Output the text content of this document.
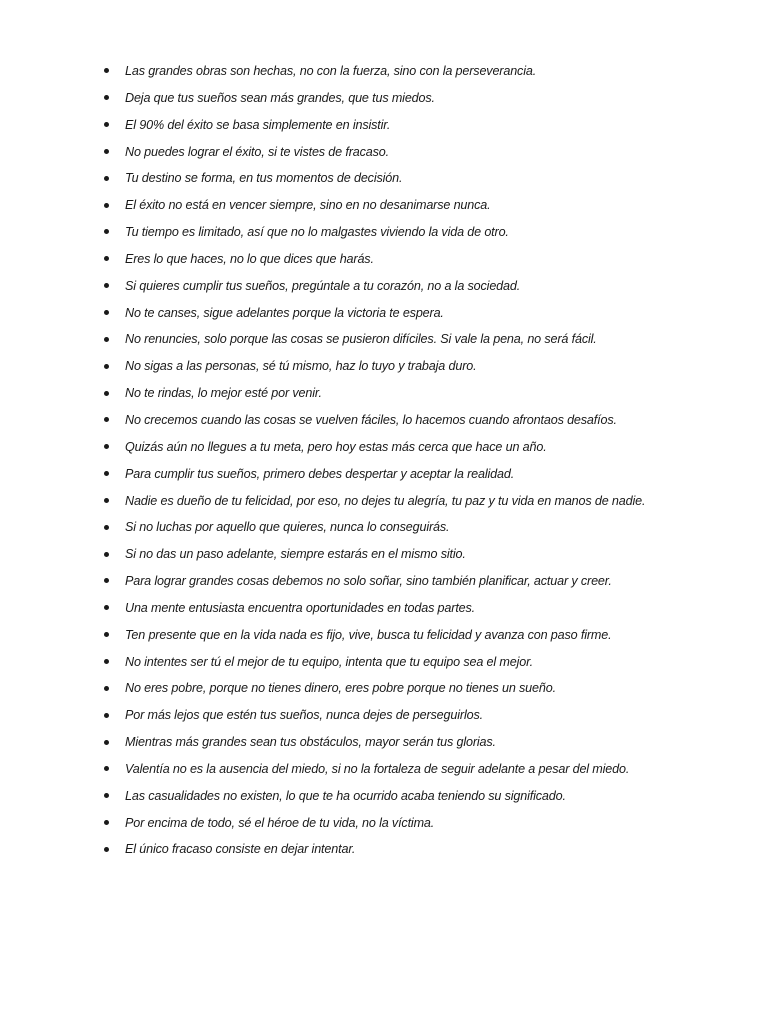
Las grandes obras son hechas, no con la fuerza, sino con la perseverancia.
Deja que tus sueños sean más grandes, que tus miedos.
El 90% del éxito se basa simplemente en insistir.
No puedes lograr el éxito, si te vistes de fracaso.
Tu destino se forma, en tus momentos de decisión.
El éxito no está en vencer siempre, sino en no desanimarse nunca.
Tu tiempo es limitado, así que no lo malgastes viviendo la vida de otro.
Eres lo que haces, no lo que dices que harás.
Si quieres cumplir tus sueños, pregúntale a tu corazón, no a la sociedad.
No te canses, sigue adelantes porque la victoria te espera.
No renuncies, solo porque las cosas se pusieron difíciles. Si vale la pena, no será fácil.
No sigas a las personas, sé tú mismo, haz lo tuyo y trabaja duro.
No te rindas, lo mejor esté por venir.
No crecemos cuando las cosas se vuelven fáciles, lo hacemos cuando afrontaos desafíos.
Quizás aún no llegues a tu meta, pero hoy estas más cerca que hace un año.
Para cumplir tus sueños, primero debes despertar y aceptar la realidad.
Nadie es dueño de tu felicidad, por eso, no dejes tu alegría, tu paz y tu vida en manos de nadie.
Si no luchas por aquello que quieres, nunca lo conseguirás.
Si no das un paso adelante, siempre estarás en el mismo sitio.
Para lograr grandes cosas debemos no solo soñar, sino también planificar, actuar y creer.
Una mente entusiasta encuentra oportunidades en todas partes.
Ten presente que en la vida nada es fijo, vive, busca tu felicidad y avanza con paso firme.
No intentes ser tú el mejor de tu equipo, intenta que tu equipo sea el mejor.
No eres pobre, porque no tienes dinero, eres pobre porque no tienes un sueño.
Por más lejos que estén tus sueños, nunca dejes de perseguirlos.
Mientras más grandes sean tus obstáculos, mayor serán tus glorias.
Valentía no es la ausencia del miedo, si no la fortaleza de seguir adelante a pesar del miedo.
Las casualidades no existen, lo que te ha ocurrido acaba teniendo su significado.
Por encima de todo, sé el héroe de tu vida, no la víctima.
El único fracaso consiste en dejar intentar.
